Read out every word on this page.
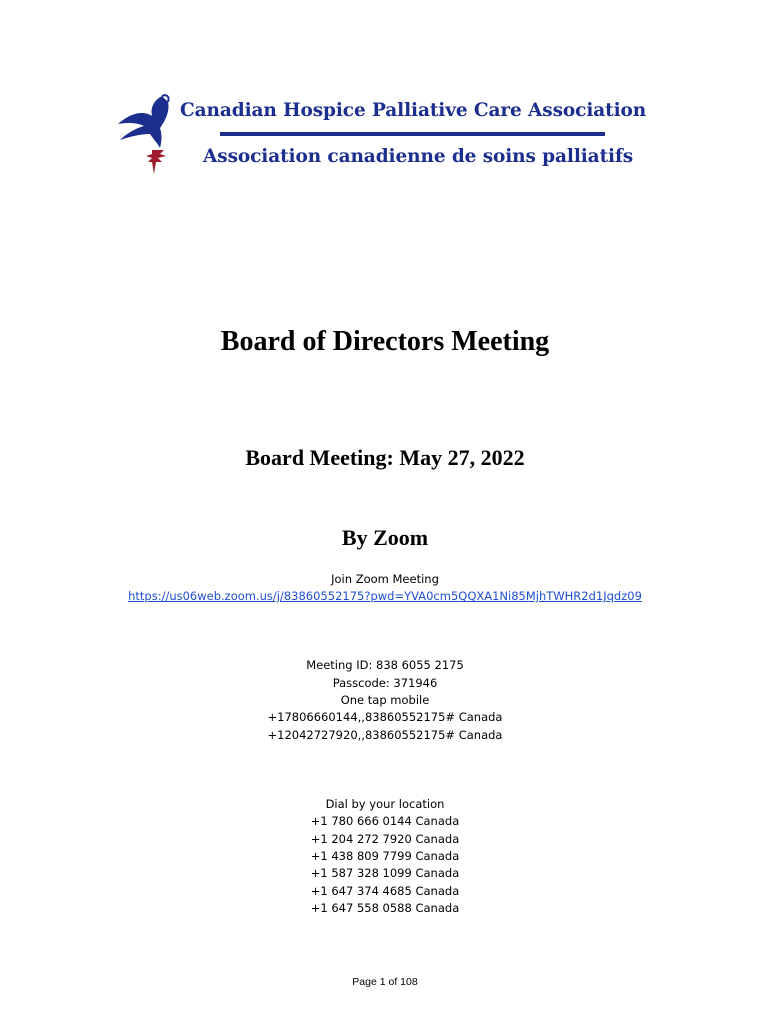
Canadian Hospice Palliative Care Association
Association canadienne de soins palliatifs
Board of Directors Meeting
Board Meeting: May 27, 2022
By Zoom
Join Zoom Meeting
https://us06web.zoom.us/j/83860552175?pwd=YVA0cm5QQXA1Ni85MjhTWHR2d1Jqdz09
Meeting ID: 838 6055 2175
Passcode: 371946
One tap mobile
+17806660144,,83860552175# Canada
+12042727920,,83860552175# Canada
Dial by your location
+1 780 666 0144 Canada
+1 204 272 7920 Canada
+1 438 809 7799 Canada
+1 587 328 1099 Canada
+1 647 374 4685 Canada
+1 647 558 0588 Canada
Page 1 of 108
